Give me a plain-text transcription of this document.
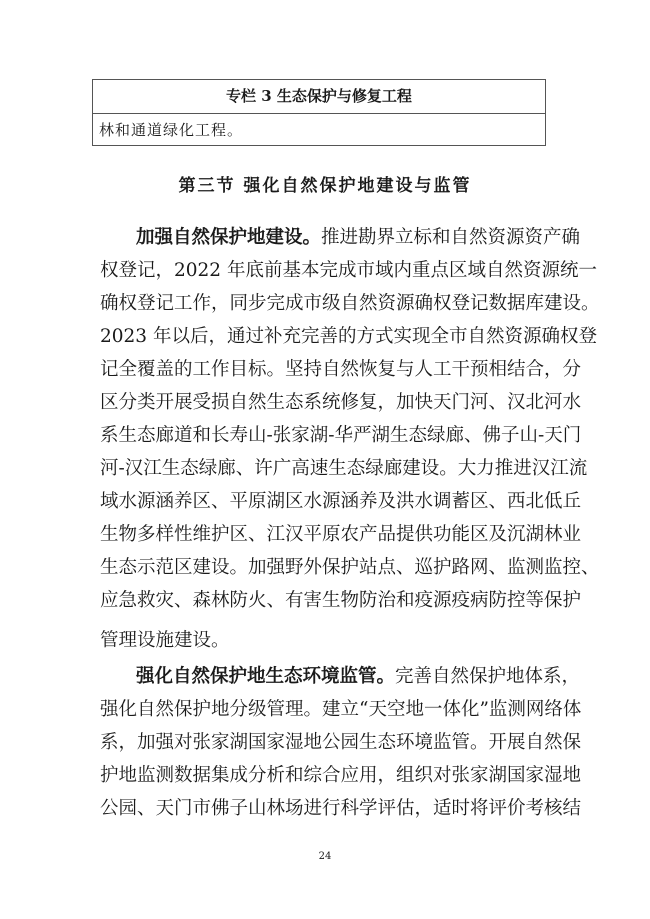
专栏 3 生态保护与修复工程
林和通道绿化工程。
第三节 强化自然保护地建设与监管
加强自然保护地建设。推进勘界立标和自然资源资产确
权登记，2022 年底前基本完成市域内重点区域自然资源统一
确权登记工作，同步完成市级自然资源确权登记数据库建设。
2023 年以后，通过补充完善的方式实现全市自然资源确权登
记全覆盖的工作目标。坚持自然恢复与人工干预相结合，分
区分类开展受损自然生态系统修复，加快天门河、汉北河水
系生态廊道和长寿山-张家湖-华严湖生态绿廊、佛子山-天门
河-汉江生态绿廊、许广高速生态绿廊建设。大力推进汉江流
域水源涵养区、平原湖区水源涵养及洪水调蓄区、西北低丘
生物多样性维护区、江汉平原农产品提供功能区及沉湖林业
生态示范区建设。加强野外保护站点、巡护路网、监测监控、
应急救灾、森林防火、有害生物防治和疫源疫病防控等保护
管理设施建设。
强化自然保护地生态环境监管。完善自然保护地体系，
强化自然保护地分级管理。建立“天空地一体化”监测网络体
系，加强对张家湖国家湿地公园生态环境监管。开展自然保
护地监测数据集成分析和综合应用，组织对张家湖国家湿地
公园、天门市佛子山林场进行科学评估，适时将评价考核结
24
